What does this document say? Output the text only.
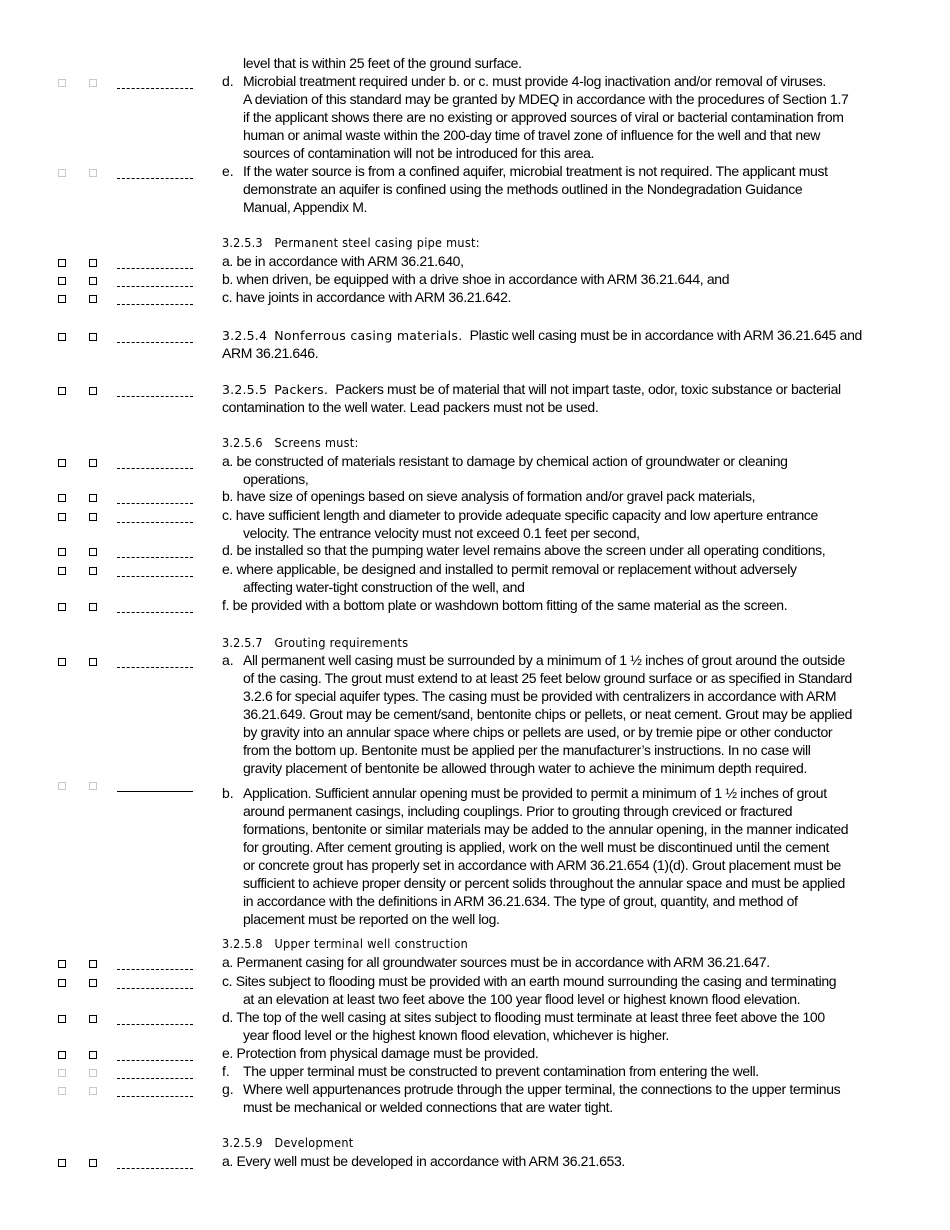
level that is within 25 feet of the ground surface.
d. Microbial treatment required under b. or c. must provide 4-log inactivation and/or removal of viruses.
A deviation of this standard may be granted by MDEQ in accordance with the procedures of Section 1.7
if the applicant shows there are no existing or approved sources of viral or bacterial contamination from
human or animal waste within the 200-day time of travel zone of influence for the well and that new
sources of contamination will not be introduced for this area.
e. If the water source is from a confined aquifer, microbial treatment is not required. The applicant must
demonstrate an aquifer is confined using the methods outlined in the Nondegradation Guidance
Manual, Appendix M.
3.2.5.3 Permanent steel casing pipe must:
a. be in accordance with ARM 36.21.640,
b. when driven, be equipped with a drive shoe in accordance with ARM 36.21.644, and
c. have joints in accordance with ARM 36.21.642.
3.2.5.4 Nonferrous casing materials. Plastic well casing must be in accordance with ARM 36.21.645 and
ARM 36.21.646.
3.2.5.5 Packers. Packers must be of material that will not impart taste, odor, toxic substance or bacterial
contamination to the well water. Lead packers must not be used.
3.2.5.6 Screens must:
a. be constructed of materials resistant to damage by chemical action of groundwater or cleaning
operations,
b. have size of openings based on sieve analysis of formation and/or gravel pack materials,
c. have sufficient length and diameter to provide adequate specific capacity and low aperture entrance
velocity. The entrance velocity must not exceed 0.1 feet per second,
d. be installed so that the pumping water level remains above the screen under all operating conditions,
e. where applicable, be designed and installed to permit removal or replacement without adversely
affecting water-tight construction of the well, and
f. be provided with a bottom plate or washdown bottom fitting of the same material as the screen.
3.2.5.7 Grouting requirements
a. All permanent well casing must be surrounded by a minimum of 1 ½ inches of grout around the outside
of the casing. The grout must extend to at least 25 feet below ground surface or as specified in Standard
3.2.6 for special aquifer types. The casing must be provided with centralizers in accordance with ARM
36.21.649. Grout may be cement/sand, bentonite chips or pellets, or neat cement. Grout may be applied
by gravity into an annular space where chips or pellets are used, or by tremie pipe or other conductor
from the bottom up. Bentonite must be applied per the manufacturer’s instructions. In no case will
gravity placement of bentonite be allowed through water to achieve the minimum depth required.
b. Application. Sufficient annular opening must be provided to permit a minimum of 1 ½ inches of grout
around permanent casings, including couplings. Prior to grouting through creviced or fractured
formations, bentonite or similar materials may be added to the annular opening, in the manner indicated
for grouting. After cement grouting is applied, work on the well must be discontinued until the cement
or concrete grout has properly set in accordance with ARM 36.21.654 (1)(d). Grout placement must be
sufficient to achieve proper density or percent solids throughout the annular space and must be applied
in accordance with the definitions in ARM 36.21.634. The type of grout, quantity, and method of
placement must be reported on the well log.
3.2.5.8 Upper terminal well construction
a. Permanent casing for all groundwater sources must be in accordance with ARM 36.21.647.
c. Sites subject to flooding must be provided with an earth mound surrounding the casing and terminating
at an elevation at least two feet above the 100 year flood level or highest known flood elevation.
d. The top of the well casing at sites subject to flooding must terminate at least three feet above the 100
year flood level or the highest known flood elevation, whichever is higher.
e. Protection from physical damage must be provided.
f. The upper terminal must be constructed to prevent contamination from entering the well.
g. Where well appurtenances protrude through the upper terminal, the connections to the upper terminus
must be mechanical or welded connections that are water tight.
3.2.5.9 Development
a. Every well must be developed in accordance with ARM 36.21.653.
